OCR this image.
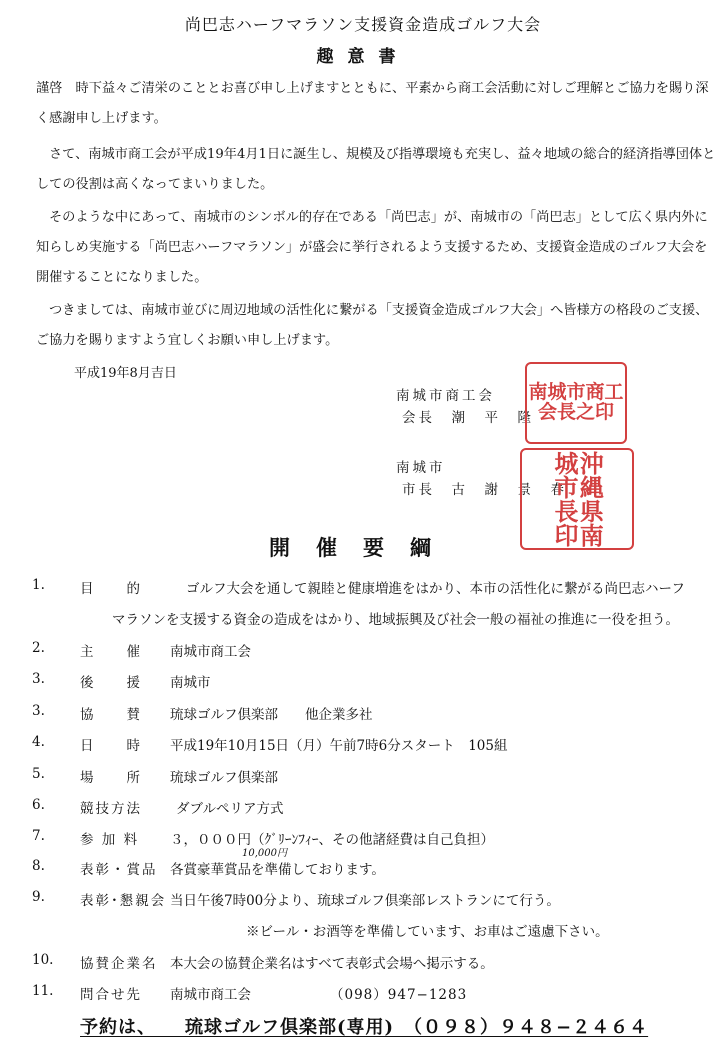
尚巴志ハーフマラソン支援資金造成ゴルフ大会
趣意書
謹啓　時下益々ご清栄のこととお喜び申し上げますとともに、平素から商工会活動に対しご理解とご協力を賜り深く感謝申し上げます。
さて、南城市商工会が平成19年4月1日に誕生し、規模及び指導環境も充実し、益々地域の総合的経済指導団体としての役割は高くなってまいりました。
そのような中にあって、南城市のシンボル的存在である「尚巴志」が、南城市の「尚巴志」として広く県内外に知らしめ実施する「尚巴志ハーフマラソン」が盛会に挙行されるよう支援するため、支援資金造成のゴルフ大会を開催することになりました。
つきましては、南城市並びに周辺地域の活性化に繋がる「支援資金造成ゴルフ大会」へ皆様方の格段のご支援、ご協力を賜りますよう宜しくお願い申し上げます。
平成19年8月吉日
南城市商工会
会長　潮　平　隆
南城市
市長　古　謝　景　春
南城市商工会長之印
沖縄県南城市長印
開催要綱
1.	目　　的	ゴルフ大会を通して親睦と健康増進をはかり、本市の活性化に繋がる尚巴志ハーフ
マラソンを支援する資金の造成をはかり、地域振興及び社会一般の福祉の推進に一役を担う。
2.	主　　催 南城市商工会
3.	後　　援 南城市
3.	協　　賛 琉球ゴルフ倶楽部　　他企業多社
4.	日　　時 平成19年10月15日（月）午前7時6分スタート　105組
5.	場　　所 琉球ゴルフ倶楽部
6.	競技方法	ダブルペリア方式
7.	参 加 料 ３，０００円（ｸﾞﾘｰﾝﾌｨｰ、その他諸経費は自己負担）
10,000円
8.	表彰・賞品 各賞豪華賞品を準備しております。
9.	表彰･懇親会 当日午後7時00分より、琉球ゴルフ倶楽部レストランにて行う。
※ビール・お酒等を準備しています、お車はご遠慮下さい。
10. 協賛企業名 本大会の協賛企業名はすべて表彰式会場へ掲示する。
11. 問合せ先 南城市商工会	（098）947−1283
予約は、　　琉球ゴルフ倶楽部(専用)　（０９８）９４８−２４６４
